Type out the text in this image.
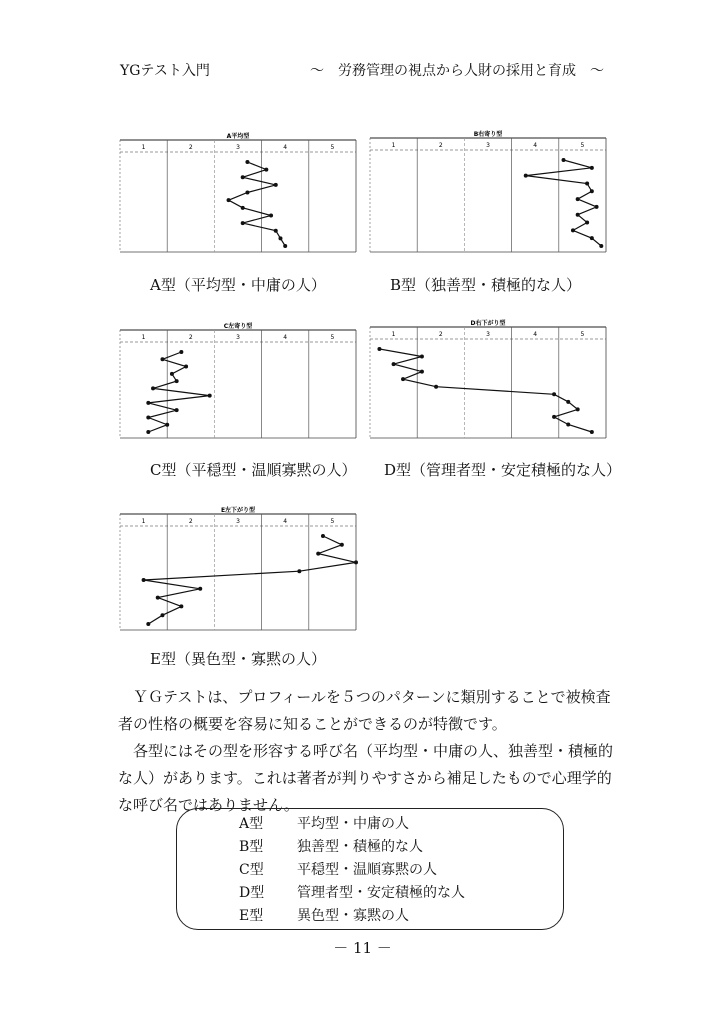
YGテスト入門	～　労務管理の視点から人財の採用と育成　～
A平均型
1	2	3	4	5
B右寄り型
1	2	3	4	5
C左寄り型
1	2	3	4	5
D右下がり型
1	2	3	4	5
E左下がり型
1	2	3	4	5
A型（平均型・中庸の人）	B型（独善型・積極的な人）
C型（平穏型・温順寡黙の人） D型（管理者型・安定積極的な人）
E型（異色型・寡黙の人）
　ＹＧテストは、プロフィールを５つのパターンに類別することで被検査者の性格の概要を容易に知ることができるのが特徴です。
　各型にはその型を形容する呼び名（平均型・中庸の人、独善型・積極的な人）があります。これは著者が判りやすさから補足したもので心理学的な呼び名ではありません。
A型 平均型・中庸の人
B型 独善型・積極的な人
C型 平穏型・温順寡黙の人
D型 管理者型・安定積極的な人
E型 異色型・寡黙の人
－ 11 －
